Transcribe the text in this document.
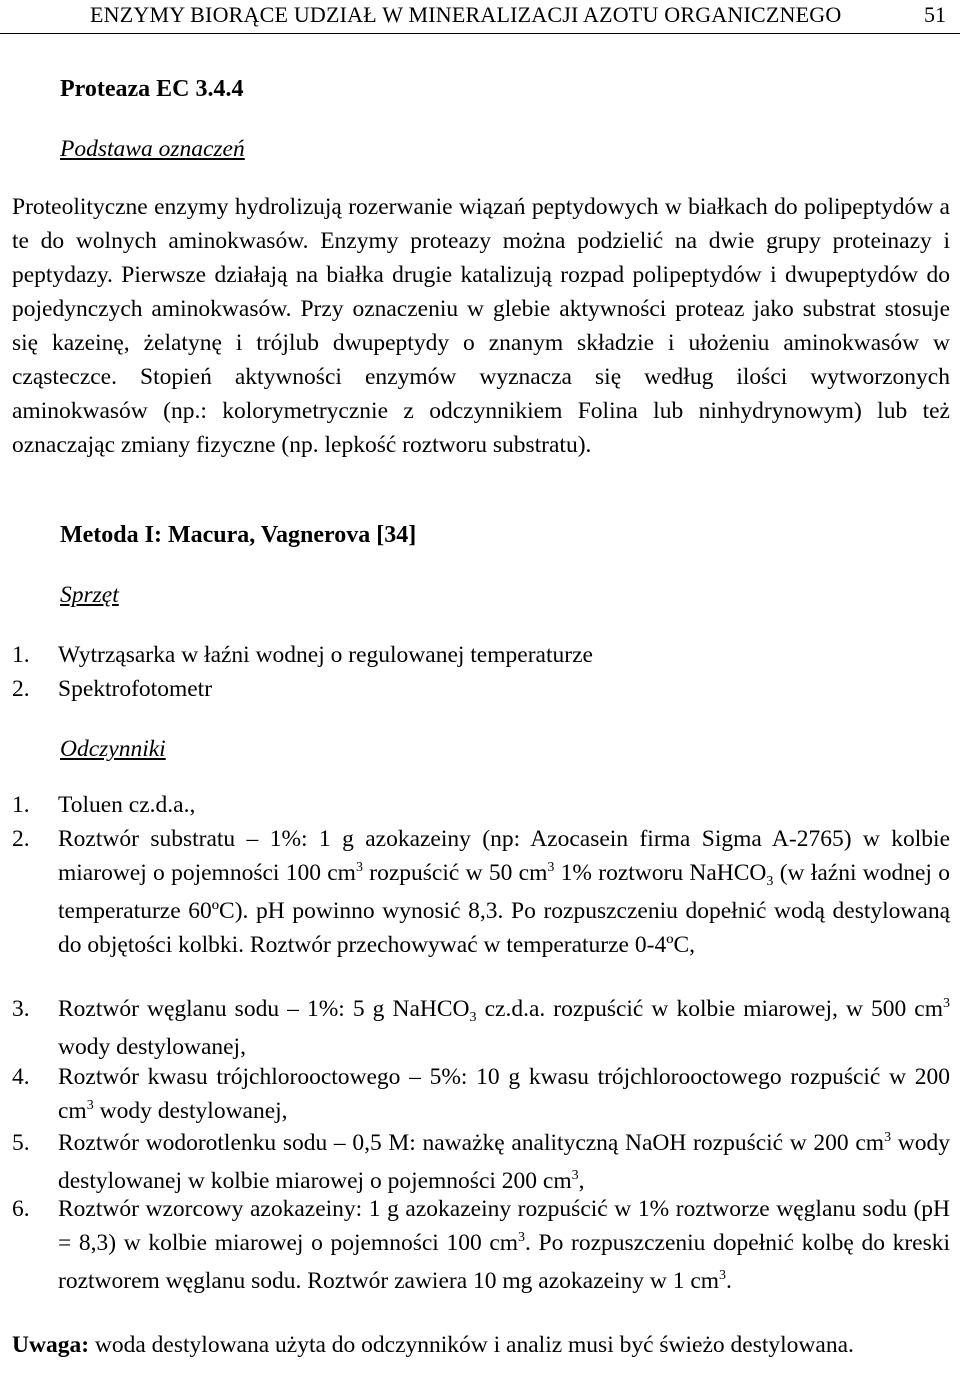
ENZYMY BIORĄCE UDZIAŁ W MINERALIZACJI AZOTU ORGANICZNEGO	51
Proteaza EC 3.4.4
Podstawa oznaczeń
Proteolityczne enzymy hydrolizują rozerwanie wiązań peptydowych w białkach do polipeptydów a te do wolnych aminokwasów. Enzymy proteazy można podzielić na dwie grupy proteinazy i peptydazy. Pierwsze działają na białka drugie katalizują rozpad polipeptydów i dwupeptydów do pojedynczych aminokwasów. Przy oznaczeniu w glebie aktywności proteaz jako substrat stosuje się kazeinę, żelatynę i trójlub dwupeptydy o znanym składzie i ułożeniu aminokwasów w cząsteczce. Stopień aktywności enzymów wyznacza się według ilości wytworzonych aminokwasów (np.: kolorymetrycznie z odczynnikiem Folina lub ninhydrynowym) lub też oznaczając zmiany fizyczne (np. lepkość roztworu substratu).
Metoda I: Macura, Vagnerova [34]
Sprzęt
1. Wytrząsarka w łaźni wodnej o regulowanej temperaturze
2. Spektrofotometr
Odczynniki
1. Toluen cz.d.a.,
2. Roztwór substratu – 1%: 1 g azokazeiny (np: Azocasein firma Sigma A-2765) w kolbie miarowej o pojemności 100 $cm^3$ rozpuścić w 50 $cm^3$ 1% roztworu NaHCO$_3$ (w łaźni wodnej o temperaturze 60ºC). pH powinno wynosić 8,3. Po rozpuszczeniu dopełnić wodą destylowaną do objętości kolbki. Roztwór przechowywać w temperaturze 0-4ºC,
3. Roztwór węglanu sodu – 1%: 5 g NaHCO$_3$ cz.d.a. rozpuścić w kolbie miarowej, w 500 $cm^3$ wody destylowanej,
4. Roztwór kwasu trójchlorooctowego – 5%: 10 g kwasu trójchlorooctowego rozpuścić w 200 $cm^3$ wody destylowanej,
5. Roztwór wodorotlenku sodu – 0,5 M: naważkę analityczną NaOH rozpuścić w 200 $cm^3$ wody destylowanej w kolbie miarowej o pojemności 200 $cm^3$,
6. Roztwór wzorcowy azokazeiny: 1 g azokazeiny rozpuścić w 1% roztworze węglanu sodu (pH = 8,3) w kolbie miarowej o pojemności 100 $cm^3$. Po rozpuszczeniu dopełnić kolbę do kreski roztworem węglanu sodu. Roztwór zawiera 10 mg azokazeiny w 1 $cm^3$.
Uwaga: woda destylowana użyta do odczynników i analiz musi być świeżo destylowana.
